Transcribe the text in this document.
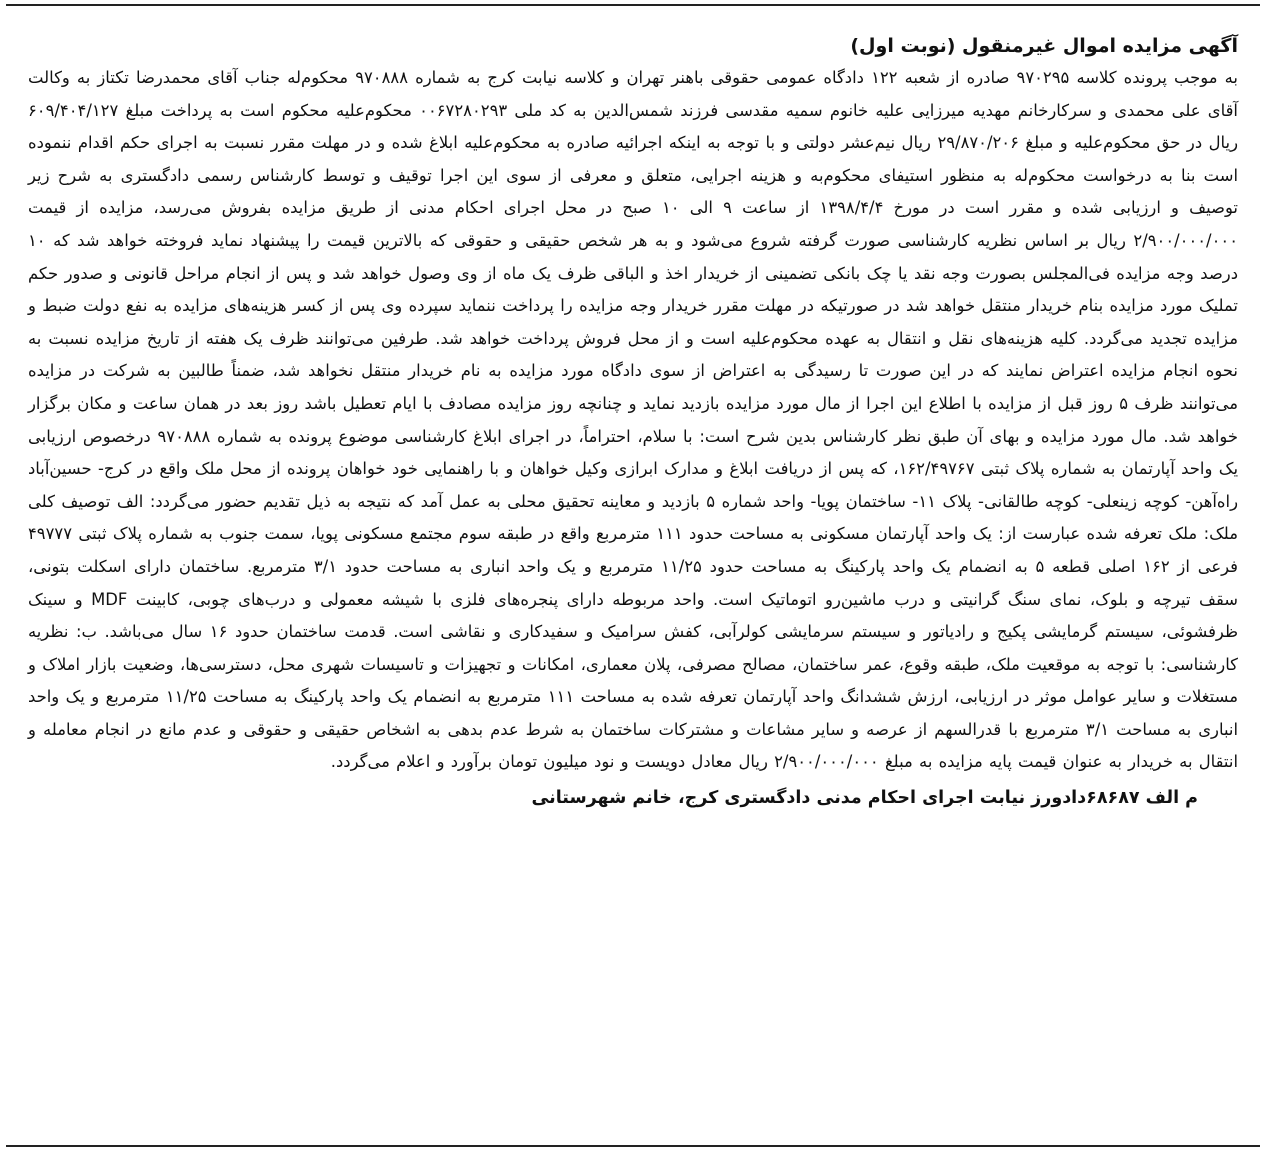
آگهی مزایده اموال غیرمنقول (نوبت اول)

به موجب پرونده کلاسه ۹۷۰۲۹۵ صادره از شعبه ۱۲۲ دادگاه عمومی حقوقی باهنر تهران و کلاسه نیابت کرج به شماره ۹۷۰۸۸۸ محکوم‌له جناب آقای محمدرضا تکتاز به وکالت آقای علی محمدی و سرکارخانم مهدیه میرزایی علیه خانوم سمیه مقدسی فرزند شمس‌الدین به کد ملی ۰۰۶۷۲۸۰۲۹۳ محکوم‌علیه محکوم است به پرداخت مبلغ ۶۰۹/۴۰۴/۱۲۷ ریال در حق محکوم‌علیه و مبلغ ۲۹/۸۷۰/۲۰۶ ریال نیم‌عشر دولتی و با توجه به اینکه اجرائیه صادره به محکوم‌علیه ابلاغ شده و در مهلت مقرر نسبت به اجرای حکم اقدام ننموده است بنا به درخواست محکوم‌له به منظور استیفای محکوم‌به و هزینه اجرایی، متعلق و معرفی از سوی این اجرا توقیف و توسط کارشناس رسمی دادگستری به شرح زیر توصیف و ارزیابی شده و مقرر است در مورخ ۱۳۹۸/۴/۴ از ساعت ۹ الی ۱۰ صبح در محل اجرای احکام مدنی از طریق مزایده بفروش می‌رسد، مزایده از قیمت ۲/۹۰۰/۰۰۰/۰۰۰ ریال بر اساس نظریه کارشناسی صورت گرفته شروع می‌شود و به هر شخص حقیقی و حقوقی که بالاترین قیمت را پیشنهاد نماید فروخته خواهد شد که ۱۰ درصد وجه مزایده فی‌المجلس بصورت وجه نقد یا چک بانکی تضمینی از خریدار اخذ و الباقی ظرف یک ماه از وی وصول خواهد شد و پس از انجام مراحل قانونی و صدور حکم تملیک مورد مزایده بنام خریدار منتقل خواهد شد در صورتیکه در مهلت مقرر خریدار وجه مزایده را پرداخت ننماید سپرده وی پس از کسر هزینه‌های مزایده به نفع دولت ضبط و مزایده تجدید می‌گردد. کلیه هزینه‌های نقل و انتقال به عهده محکوم‌علیه است و از محل فروش پرداخت خواهد شد. طرفین می‌توانند ظرف یک هفته از تاریخ مزایده نسبت به نحوه انجام مزایده اعتراض نمایند که در این صورت تا رسیدگی به اعتراض از سوی دادگاه مورد مزایده به نام خریدار منتقل نخواهد شد، ضمناً طالبین به شرکت در مزایده می‌توانند ظرف ۵ روز قبل از مزایده با اطلاع این اجرا از مال مورد مزایده بازدید نماید و چنانچه روز مزایده مصادف با ایام تعطیل باشد روز بعد در همان ساعت و مکان برگزار خواهد شد. مال مورد مزایده و بهای آن طبق نظر کارشناس بدین شرح است: با سلام، احتراماً، در اجرای ابلاغ کارشناسی موضوع پرونده به شماره ۹۷۰۸۸۸ درخصوص ارزیابی یک واحد آپارتمان به شماره پلاک ثبتی ۱۶۲/۴۹۷۶۷، که پس از دریافت ابلاغ و مدارک ابرازی وکیل خواهان و با راهنمایی خود خواهان پرونده از محل ملک واقع در کرج- حسین‌آباد راه‌آهن- کوچه زینعلی- کوچه طالقانی- پلاک ۱۱- ساختمان پویا- واحد شماره ۵ بازدید و معاینه تحقیق محلی به عمل آمد که نتیجه به ذیل تقدیم حضور می‌گردد: الف توصیف کلی ملک: ملک تعرفه شده عبارست از: یک واحد آپارتمان مسکونی به مساحت حدود ۱۱۱ مترمربع واقع در طبقه سوم مجتمع مسکونی پویا، سمت جنوب به شماره پلاک ثبتی ۴۹۷۷۷ فرعی از ۱۶۲ اصلی قطعه ۵ به انضمام یک واحد پارکینگ به مساحت حدود ۱۱/۲۵ مترمربع و یک واحد انباری به مساحت حدود ۳/۱ مترمربع. ساختمان دارای اسکلت بتونی، سقف تیرچه و بلوک، نمای سنگ گرانیتی و درب ماشین‌رو اتوماتیک است. واحد مربوطه دارای پنجره‌های فلزی با شیشه معمولی و درب‌های چوبی، کابینت MDF و سینک ظرفشوئی، سیستم گرمایشی پکیج و رادیاتور و سیستم سرمایشی کولرآبی، کفش سرامیک و سفیدکاری و نقاشی است. قدمت ساختمان حدود ۱۶ سال می‌باشد. ب: نظریه کارشناسی: با توجه به موقعیت ملک، طبقه وقوع، عمر ساختمان، مصالح مصرفی، پلان معماری، امکانات و تجهیزات و تاسیسات شهری محل، دسترسی‌ها، وضعیت بازار املاک و مستغلات و سایر عوامل موثر در ارزیابی، ارزش ششدانگ واحد آپارتمان تعرفه شده به مساحت ۱۱۱ مترمربع به انضمام یک واحد پارکینگ به مساحت ۱۱/۲۵ مترمربع و یک واحد انباری به مساحت ۳/۱ مترمربع با قدرالسهم از عرصه و سایر مشاعات و مشترکات ساختمان به شرط عدم بدهی به اشخاص حقیقی و حقوقی و عدم مانع در انجام معامله و انتقال به خریدار به عنوان قیمت پایه مزایده به مبلغ ۲/۹۰۰/۰۰۰/۰۰۰ ریال معادل دویست و نود میلیون تومان برآورد و اعلام می‌گردد.

م الف ۶۸۶۸۷
دادورز نیابت اجرای احکام مدنی دادگستری کرج، خانم شهرستانی
